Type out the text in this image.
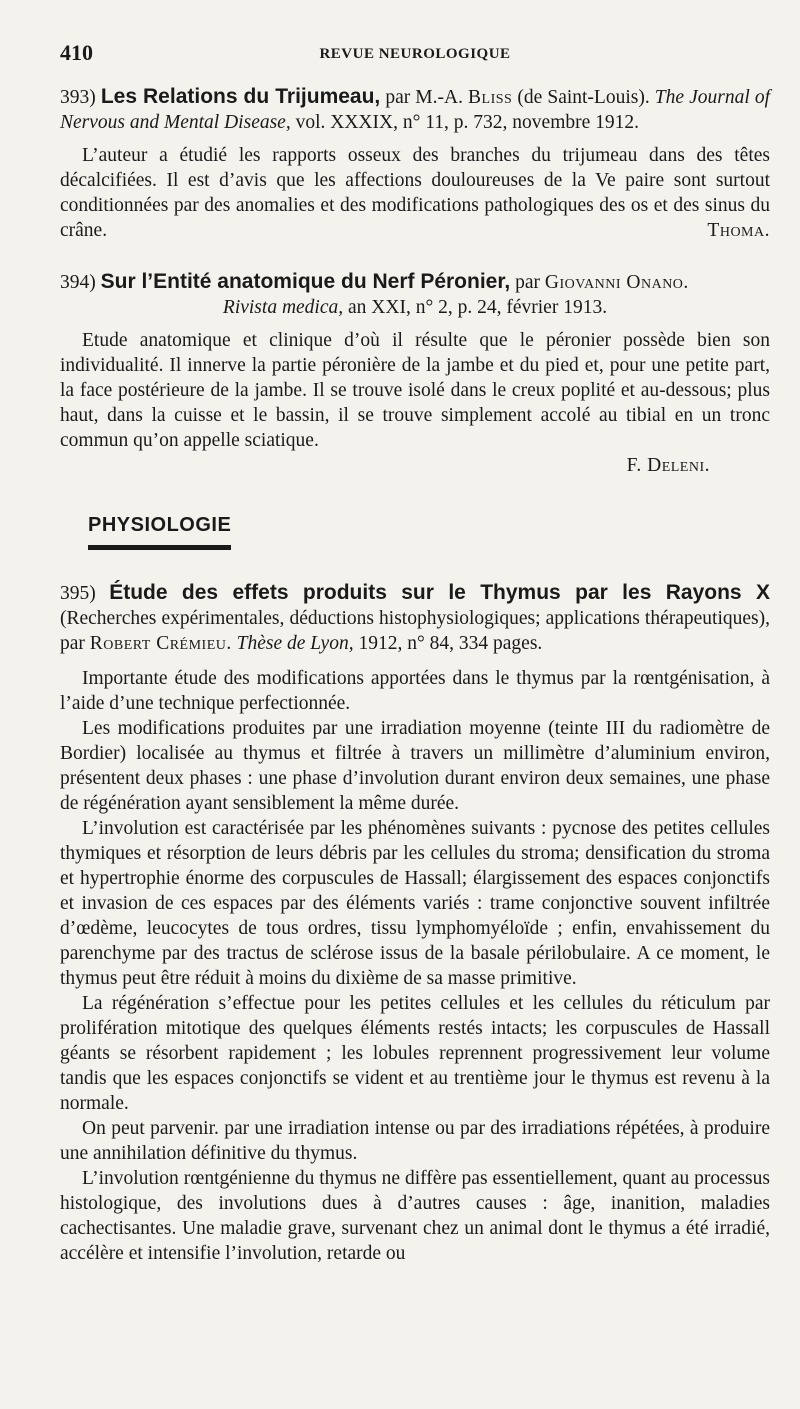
410	REVUE NEUROLOGIQUE

393) Les Relations du Trijumeau, par M.-A. Bliss (de Saint-Louis). The Journal of Nervous and Mental Disease, vol. XXXIX, n° 11, p. 732, novembre 1912.

L’auteur a étudié les rapports osseux des branches du trijumeau dans des têtes décalcifiées. Il est d’avis que les affections douloureuses de la Ve paire sont surtout conditionnées par des anomalies et des modifications pathologiques des os et des sinus du crâne.	Thoma.

394) Sur l’Entité anatomique du Nerf Péronier, par Giovanni Onano.

Rivista medica, an XXI, n° 2, p. 24, février 1913.

Etude anatomique et clinique d’où il résulte que le péronier possède bien son individualité. Il innerve la partie péronière de la jambe et du pied et, pour une petite part, la face postérieure de la jambe. Il se trouve isolé dans le creux poplité et au-dessous; plus haut, dans la cuisse et le bassin, il se trouve simplement accolé au tibial en un tronc commun qu’on appelle sciatique.

F. Deleni.

PHYSIOLOGIE

395) Étude des effets produits sur le Thymus par les Rayons X (Recherches expérimentales, déductions histophysiologiques; applications thérapeutiques), par Robert Crémieu. Thèse de Lyon, 1912, n° 84, 334 pages.

Importante étude des modifications apportées dans le thymus par la rœntgénisation, à l’aide d’une technique perfectionnée.

Les modifications produites par une irradiation moyenne (teinte III du radiomètre de Bordier) localisée au thymus et filtrée à travers un millimètre d’aluminium environ, présentent deux phases : une phase d’involution durant environ deux semaines, une phase de régénération ayant sensiblement la même durée.

L’involution est caractérisée par les phénomènes suivants : pycnose des petites cellules thymiques et résorption de leurs débris par les cellules du stroma; densification du stroma et hypertrophie énorme des corpuscules de Hassall; élargissement des espaces conjonctifs et invasion de ces espaces par des éléments variés : trame conjonctive souvent infiltrée d’œdème, leucocytes de tous ordres, tissu lymphomyéloïde ; enfin, envahissement du parenchyme par des tractus de sclérose issus de la basale périlobulaire. A ce moment, le thymus peut être réduit à moins du dixième de sa masse primitive.

La régénération s’effectue pour les petites cellules et les cellules du réticulum par prolifération mitotique des quelques éléments restés intacts; les corpuscules de Hassall géants se résorbent rapidement ; les lobules reprennent progressivement leur volume tandis que les espaces conjonctifs se vident et au trentième jour le thymus est revenu à la normale.

On peut parvenir. par une irradiation intense ou par des irradiations répétées, à produire une annihilation définitive du thymus.

L’involution rœntgénienne du thymus ne diffère pas essentiellement, quant au processus histologique, des involutions dues à d’autres causes : âge, inanition, maladies cachectisantes. Une maladie grave, survenant chez un animal dont le thymus a été irradié, accélère et intensifie l’involution, retarde ou
